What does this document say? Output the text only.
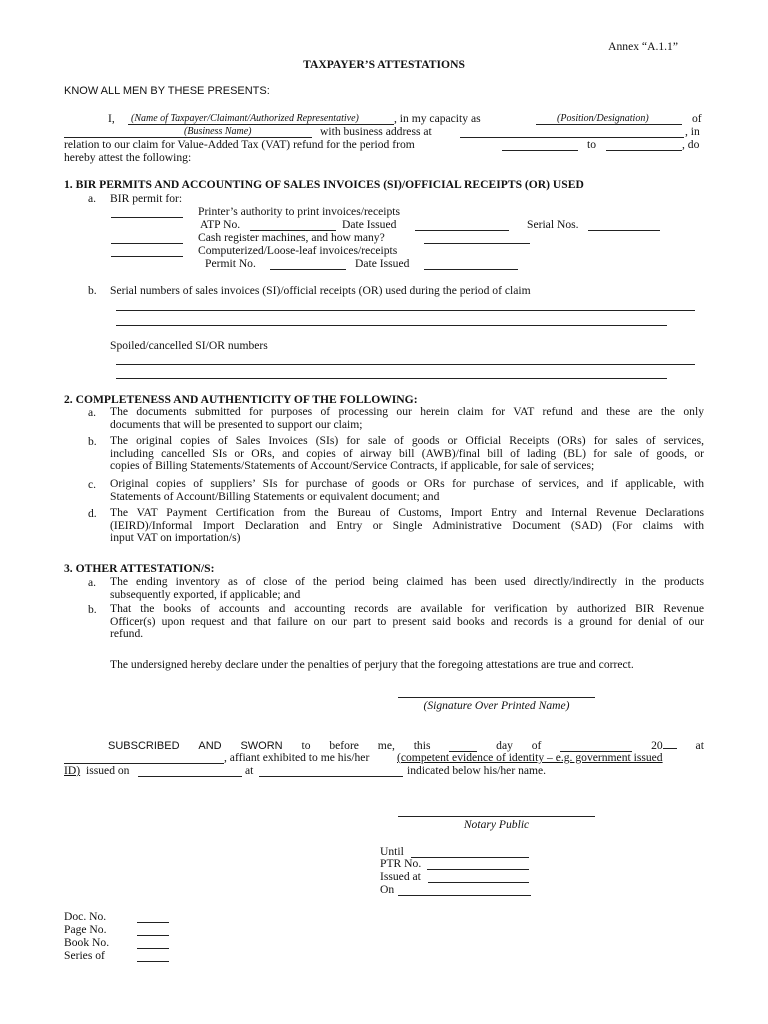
Annex “A.1.1”
TAXPAYER’S ATTESTATIONS
KNOW ALL MEN BY THESE PRESENTS:
I, (Name of Taxpayer/Claimant/Authorized Representative)	, in my capacity as	(Position/Designation)	of
(Business Name)	with business address at	, in
relation to our claim for Value-Added Tax (VAT) refund for the period from	to	, do
hereby attest the following:
1. BIR PERMITS AND ACCOUNTING OF SALES INVOICES (SI)/OFFICIAL RECEIPTS (OR) USED
a. BIR permit for:
Printer’s authority to print invoices/receipts
ATP No.	Date Issued	Serial Nos.
Cash register machines, and how many?
Computerized/Loose-leaf invoices/receipts
Permit No.	Date Issued
b. Serial numbers of sales invoices (SI)/official receipts (OR) used during the period of claim
Spoiled/cancelled SI/OR numbers
2. COMPLETENESS AND AUTHENTICITY OF THE FOLLOWING:
a. The documents submitted for purposes of processing our herein claim for VAT refund and these are the only
documents that will be presented to support our claim;
b. The original copies of Sales Invoices (SIs) for sale of goods or Official Receipts (ORs) for sales of services,
including cancelled SIs or ORs, and copies of airway bill (AWB)/final bill of lading (BL) for sale of goods, or
copies of Billing Statements/Statements of Account/Service Contracts, if applicable, for sale of services;
c. Original copies of suppliers’ SIs for purchase of goods or ORs for purchase of services, and if applicable, with
Statements of Account/Billing Statements or equivalent document; and
d. The VAT Payment Certification from the Bureau of Customs, Import Entry and Internal Revenue Declarations
(IEIRD)/Informal Import Declaration and Entry or Single Administrative Document (SAD) (For claims with
input VAT on importation/s)
3. OTHER ATTESTATION/S:
a. The ending inventory as of close of the period being claimed has been used directly/indirectly in the products
subsequently exported, if applicable; and
b. That the books of accounts and accounting records are available for verification by authorized BIR Revenue
Officer(s) upon request and that failure on our part to present said books and records is a ground for denial of our
refund.
The undersigned hereby declare under the penalties of perjury that the foregoing attestations are true and correct.
(Signature Over Printed Name)
SUBSCRIBED AND SWORN to before me, this	day of	20	at
, affiant exhibited to me his/her (competent evidence of identity – e.g. government issued
ID) issued on	at	indicated below his/her name.
Notary Public
Until
PTR No.
Issued at
On
Doc. No.
Page No.
Book No.
Series of
